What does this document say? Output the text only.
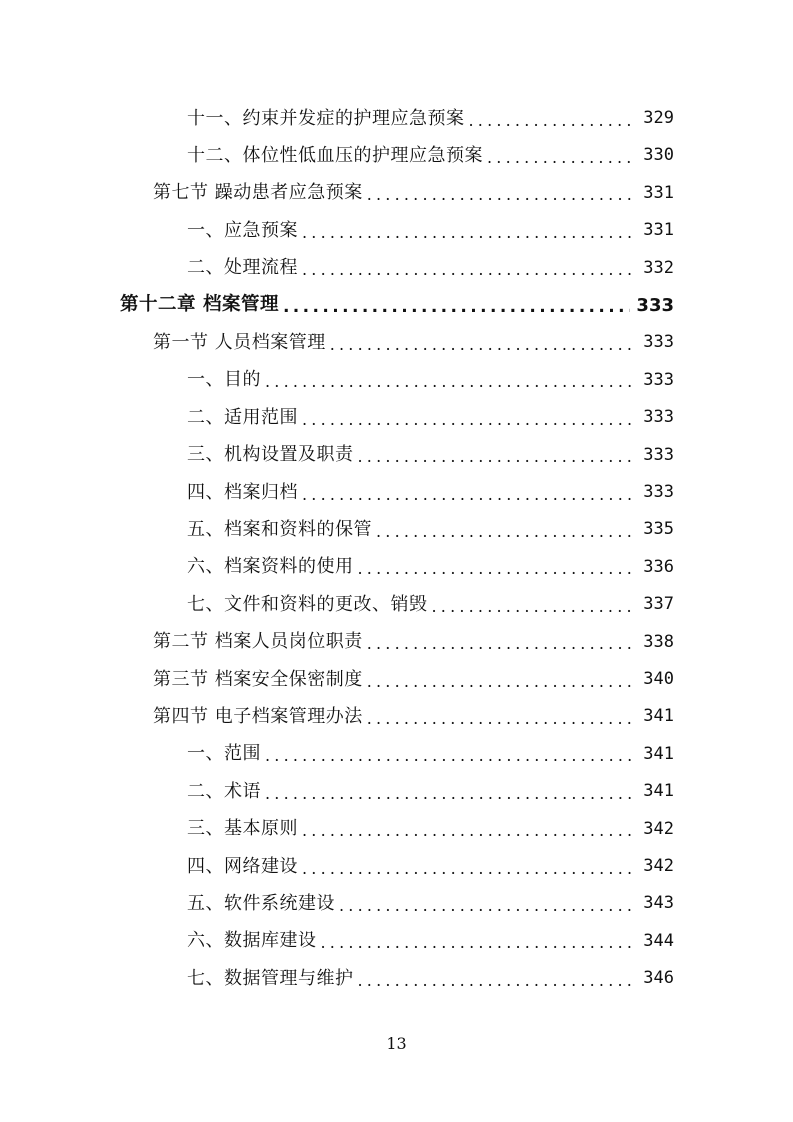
十一、约束并发症的护理应急预案 .....	329
十二、体位性低血压的护理应急预案 .....	330
第七节 躁动患者应急预案 .....	331
一、应急预案 .....	331
二、处理流程 .....	332
第十二章 档案管理 .....	333
第一节 人员档案管理 .....	333
一、目的 .....	333
二、适用范围 .....	333
三、机构设置及职责 .....	333
四、档案归档 .....	333
五、档案和资料的保管 .....	335
六、档案资料的使用 .....	336
七、文件和资料的更改、销毁 .....	337
第二节 档案人员岗位职责 .....	338
第三节 档案安全保密制度 .....	340
第四节 电子档案管理办法 .....	341
一、范围 .....	341
二、术语 .....	341
三、基本原则 .....	342
四、网络建设 .....	342
五、软件系统建设 .....	343
六、数据库建设 .....	344
七、数据管理与维护 .....	346
13
